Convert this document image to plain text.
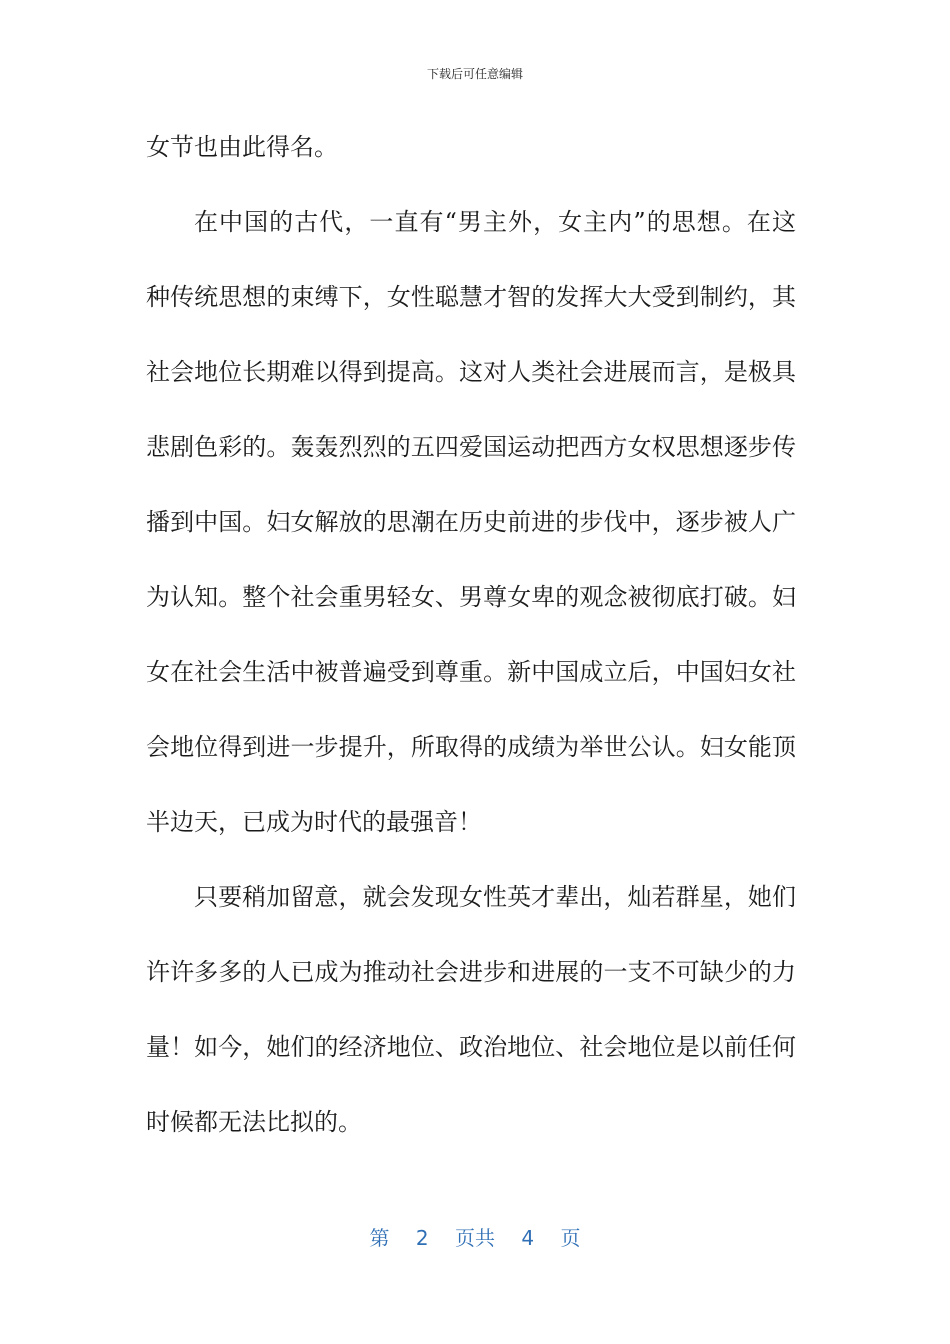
下载后可任意编辑
女节也由此得名。
在中国的古代，一直有“男主外，女主内”的思想。在这
种传统思想的束缚下，女性聪慧才智的发挥大大受到制约，其
社会地位长期难以得到提高。这对人类社会进展而言，是极具
悲剧色彩的。轰轰烈烈的五四爱国运动把西方女权思想逐步传
播到中国。妇女解放的思潮在历史前进的步伐中，逐步被人广
为认知。整个社会重男轻女、男尊女卑的观念被彻底打破。妇
女在社会生活中被普遍受到尊重。新中国成立后，中国妇女社
会地位得到进一步提升，所取得的成绩为举世公认。妇女能顶
半边天，已成为时代的最强音！
只要稍加留意，就会发现女性英才辈出，灿若群星，她们
许许多多的人已成为推动社会进步和进展的一支不可缺少的力
量！如今，她们的经济地位、政治地位、社会地位是以前任何
时候都无法比拟的。
第 2 页共 4 页
